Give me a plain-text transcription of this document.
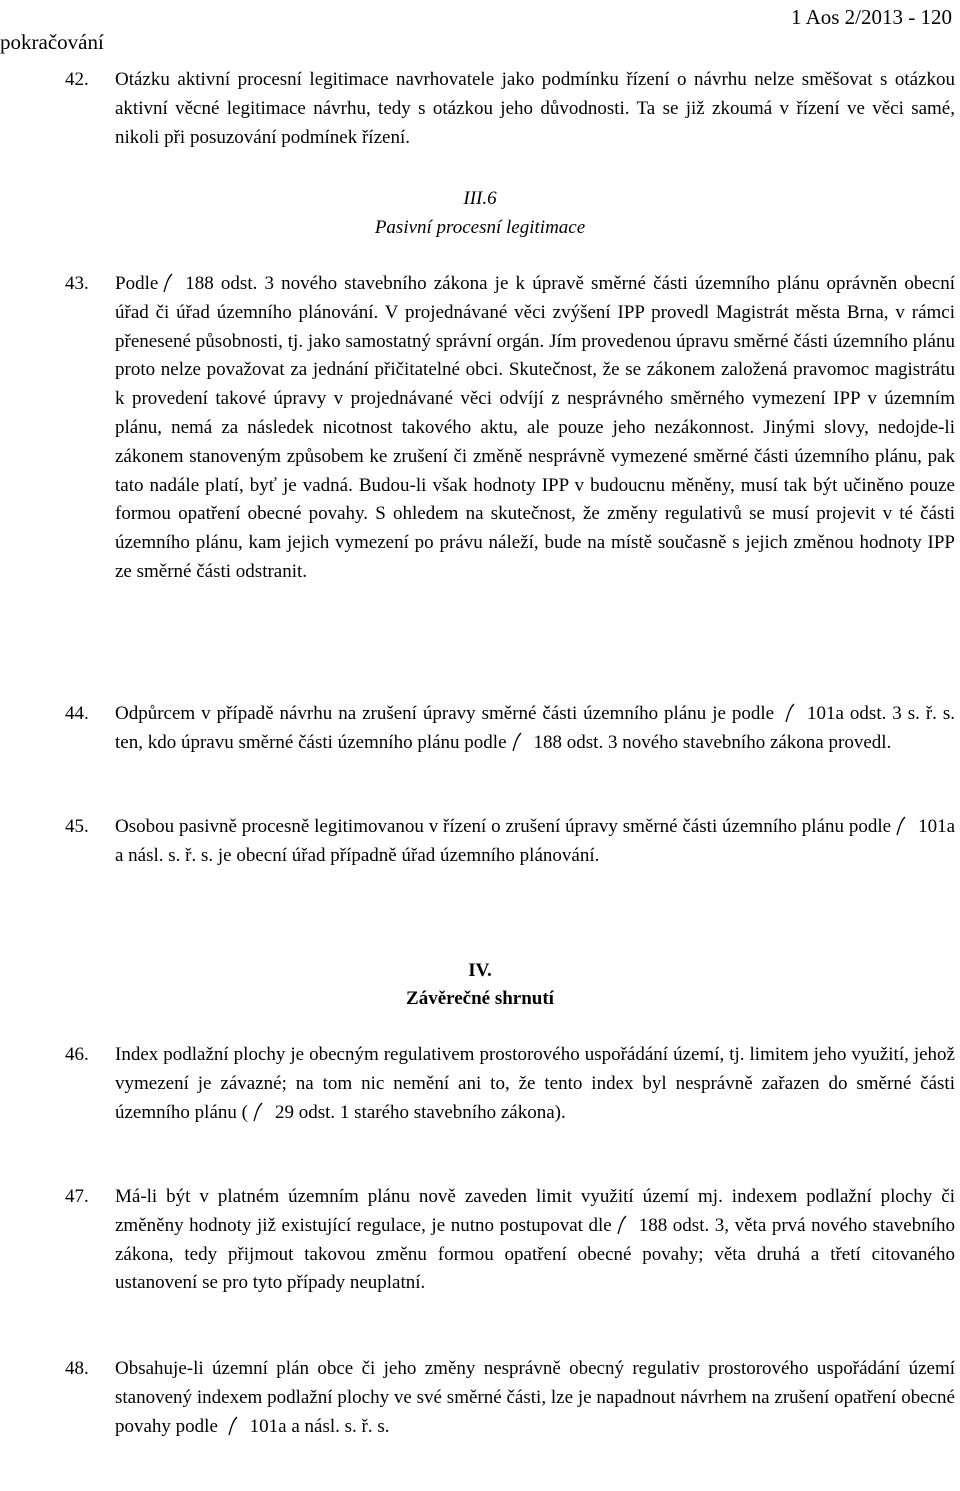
pokračování
1 Aos 2/2013 - 120
42. Otázku aktivní procesní legitimace navrhovatele jako podmínku řízení o návrhu nelze směšovat s otázkou aktivní věcné legitimace návrhu, tedy s otázkou jeho důvodnosti. Ta se již zkoumá v řízení ve věci samé, nikoli při posuzování podmínek řízení.
III.6
Pasivní procesní legitimace
43. Podle 188 odst. 3 nového stavebního zákona je k úpravě směrné části územního plánu oprávněn obecní úřad či úřad územního plánování. V projednávané věci zvýšení IPP provedl Magistrát města Brna, v rámci přenesené působnosti, tj. jako samostatný správní orgán. Jím provedenou úpravu směrné části územního plánu proto nelze považovat za jednání přičitatelné obci. Skutečnost, že se zákonem založená pravomoc magistrátu k provedení takové úpravy v projednávané věci odvíjí z nesprávného směrného vymezení IPP v územním plánu, nemá za následek nicotnost takového aktu, ale pouze jeho nezákonnost. Jinými slovy, nedojde-li zákonem stanoveným způsobem ke zrušení či změně nesprávně vymezené směrné části územního plánu, pak tato nadále platí, byť je vadná. Budou-li však hodnoty IPP v budoucnu měněny, musí tak být učiněno pouze formou opatření obecné povahy. S ohledem na skutečnost, že změny regulativů se musí projevit v té části územního plánu, kam jejich vymezení po právu náleží, bude na místě současně s jejich změnou hodnoty IPP ze směrné části odstranit.
44. Odpůrcem v případě návrhu na zrušení úpravy směrné části územního plánu je podle 101a odst. 3 s. ř. s. ten, kdo úpravu směrné části územního plánu podle 188 odst. 3 nového stavebního zákona provedl.
45. Osobou pasivně procesně legitimovanou v řízení o zrušení úpravy směrné části územního plánu podle 101a a násl. s. ř. s. je obecní úřad případně úřad územního plánování.
IV.
Závěrečné shrnutí
46. Index podlažní plochy je obecným regulativem prostorového uspořádání území, tj. limitem jeho využití, jehož vymezení je závazné; na tom nic nemění ani to, že tento index byl nesprávně zařazen do směrné části územního plánu ( 29 odst. 1 starého stavebního zákona).
47. Má-li být v platném územním plánu nově zaveden limit využití území mj. indexem podlažní plochy či změněny hodnoty již existující regulace, je nutno postupovat dle 188 odst. 3, věta prvá nového stavebního zákona, tedy přijmout takovou změnu formou opatření obecné povahy; věta druhá a třetí citovaného ustanovení se pro tyto případy neuplatní.
48. Obsahuje-li územní plán obce či jeho změny nesprávně obecný regulativ prostorového uspořádání území stanovený indexem podlažní plochy ve své směrné části, lze je napadnout návrhem na zrušení opatření obecné povahy podle 101a a násl. s. ř. s.
